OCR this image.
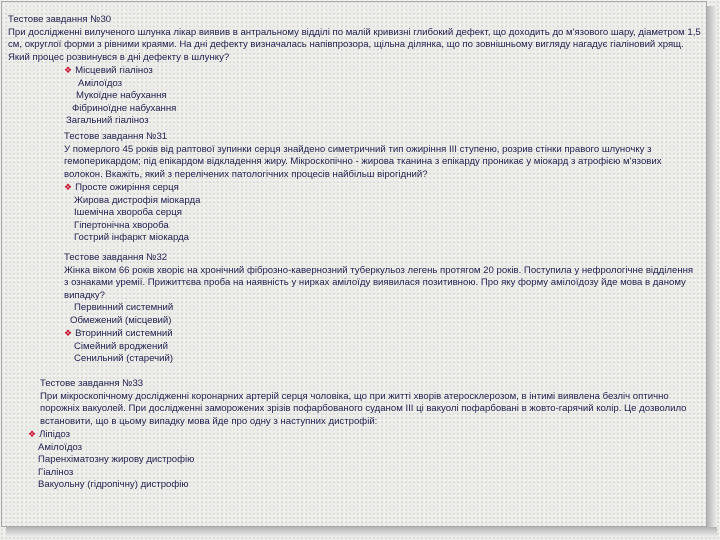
Тестове завдання №30
При дослідженні вилученого шлунка лікар виявив в антральному відділі по малій кривизні глибокий дефект, що доходить до м'язового шару, діаметром 1,5 см, округлої форми з рівними краями. На дні дефекту визначалась напівпрозора, щільна ділянка, що по зовнішньому вигляду нагадує гіаліновий хрящ. Який процес розвинувся в дні дефекту в шлунку?
❖ Місцевий гіаліноз
Амілоїдоз
Мукоїдне набухання
Фібриноїдне набухання
Загальний гіаліноз
Тестове завдання №31
У померлого 45 років від раптової зупинки серця знайдено симетричний тип ожиріння ІІІ ступеню, розрив стінки правого шлуночку з гемоперикардом; під епікардом відкладення жиру. Мікроскопічно - жирова тканина з епікарду проникає у міокард з атрофією м'язових волокон. Вкажіть, який з перелічених патологічних процесів найбільш вірогідний?
❖ Просте ожиріння серця
Жирова дистрофія міокарда
Ішемічна хвороба серця
Гіпертонічна хвороба
Гострий інфаркт міокарда
Тестове завдання №32
Жінка віком 66 років хворіє на хронічний фіброзно-кавернозний туберкульоз легень протягом 20 років. Поступила у нефрологічне відділення з ознаками уремії. Прижиттєва проба на наявність у нирках амілоїду виявилася позитивною. Про яку форму амілоїдозу йде мова в даному випадку?
Первинний системний
Обмежений (місцевий)
❖ Вторинний системний
Сімейний вроджений
Сенильний (старечий)
Тестове завдання №33
При мікроскопічному дослідженні коронарних артерій серця чоловіка, що при житті хворів атеросклерозом, в інтимі виявлена безліч оптично порожніх вакуолей. При дослідженні заморожених зрізів пофарбованого суданом ІІІ ці вакуолі пофарбовані в жовто-гарячий колір. Це дозволило встановити, що в цьому випадку мова йде про одну з наступних дистрофій:
❖ Ліпідоз
Амілоїдоз
Паренхіматозну жирову дистрофію
Гіаліноз
Вакуольну (гідропічну) дистрофію
